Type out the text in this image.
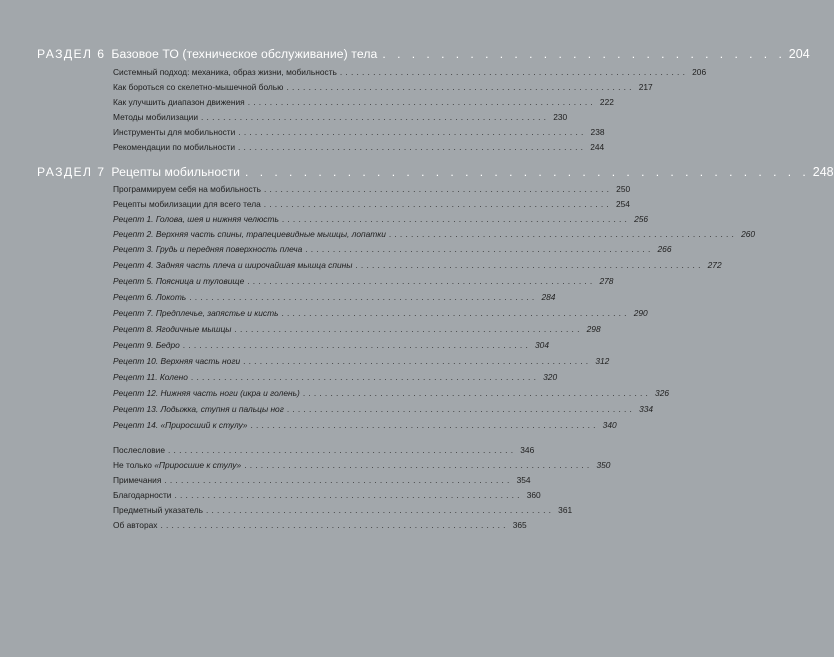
РАЗДЕЛ 6 Базовое ТО (техническое обслуживание) тела . . . . . . . . . . . . . . . . . . . . . . . . . . . . 204
Системный подход: механика, образ жизни, мобильность ............................................................... 206
Как бороться со скелетно-мышечной болью ............................................................... 217
Как улучшить диапазон движения ............................................................... 222
Методы мобилизации ............................................................... 230
Инструменты для мобильности ............................................................... 238
Рекомендации по мобильности ............................................................... 244
РАЗДЕЛ 7 Рецепты мобильности . . . . . . . . . . . . . . . . . . . . . . . . . . . . . . . . . . . . . . . 248
Программируем себя на мобильность ............................................................... 250
Рецепты мобилизации для всего тела ............................................................... 254
Рецепт 1. Голова, шея и нижняя челюсть ............................................................... 256
Рецепт 2. Верхняя часть спины, трапециевидные мышцы, лопатки ............................................................... 260
Рецепт 3. Грудь и передняя поверхность плеча ............................................................... 266
Рецепт 4. Задняя часть плеча и широчайшая мышца спины ............................................................... 272
Рецепт 5. Поясница и туловище ............................................................... 278
Рецепт 6. Локоть ............................................................... 284
Рецепт 7. Предплечье, запястье и кисть ............................................................... 290
Рецепт 8. Ягодичные мышцы ............................................................... 298
Рецепт 9. Бедро ............................................................... 304
Рецепт 10. Верхняя часть ноги ............................................................... 312
Рецепт 11. Колено ............................................................... 320
Рецепт 12. Нижняя часть ноги (икра и голень) ............................................................... 326
Рецепт 13. Лодыжка, ступня и пальцы ног ............................................................... 334
Рецепт 14. «Приросший к стулу» ............................................................... 340
Послесловие ............................................................... 346
Не только «Прирoсшие к стулу» ............................................................... 350
Примечания ............................................................... 354
Благодарности ............................................................... 360
Предметный указатель ............................................................... 361
Об авторах ............................................................... 365
